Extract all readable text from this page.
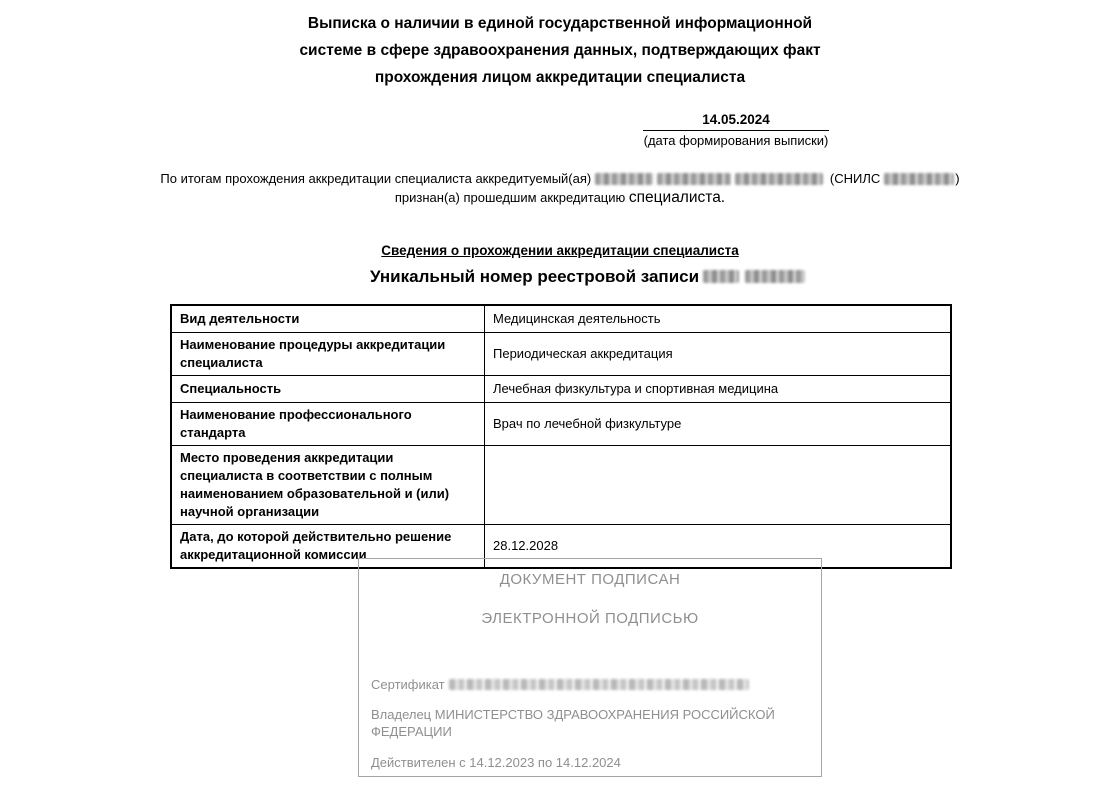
Выписка о наличии в единой государственной информационной
системе в сфере здравоохранения данных, подтверждающих факт
прохождения лицом аккредитации специалиста
14.05.2024
(дата формирования выписки)
По итогам прохождения аккредитации специалиста аккредитуемый(ая)	(СНИЛС	)
признан(а) прошедшим аккредитацию специалиста.
Сведения о прохождении аккредитации специалиста
Уникальный номер реестровой записи
Вид деятельности	Медицинская деятельность
Наименование процедуры аккредитации специалиста	Периодическая аккредитация
Специальность	Лечебная физкультура и спортивная медицина
Наименование профессионального стандарта	Врач по лечебной физкультуре
Место проведения аккредитации специалиста в соответствии с полным наименованием образовательной и (или) научной организации	
Дата, до которой действительно решение аккредитационной комиссии	28.12.2028
ДОКУМЕНТ ПОДПИСАН
ЭЛЕКТРОННОЙ ПОДПИСЬЮ
Сертификат
Владелец МИНИСТЕРСТВО ЗДРАВООХРАНЕНИЯ РОССИЙСКОЙ ФЕДЕРАЦИИ
Действителен с 14.12.2023 по 14.12.2024
